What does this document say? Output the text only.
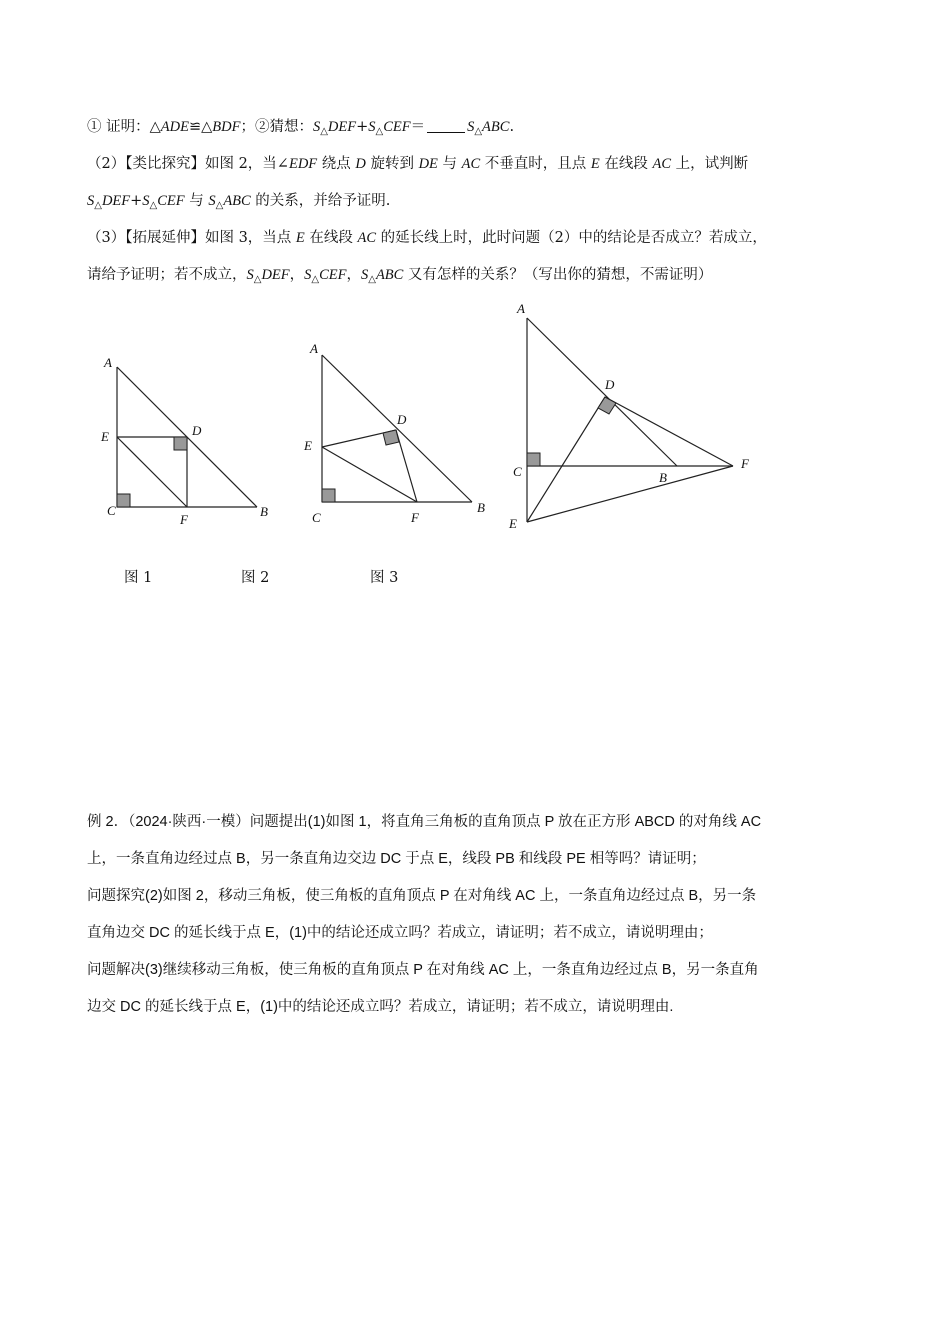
① 证明：△ADE≌△BDF；②猜想：$S_\triangle DEF+S_\triangle CEF=$	$S_\triangle ABC$.
（2）【类比探究】如图 2，当∠EDF 绕点 D 旋转到 DE 与 AC 不垂直时，且点 E 在线段 AC 上，试判断
$S_\triangle DEF+S_\triangle CEF$ 与 $S_\triangle ABC$ 的关系，并给予证明.
（3）【拓展延伸】如图 3，当点 E 在线段 AC 的延长线上时，此时问题（2）中的结论是否成立？若成立，
请给予证明；若不成立，$S_\triangle DEF$，$S_\triangle CEF$，$S_\triangle ABC$ 又有怎样的关系？（写出你的猜想，不需证明）
A
E	D
C
F
B
A
D
E
C	F
B
A
D
C	B
F
E
图 1	图 2	图 3
例 2．（2024·陕西·一模）问题提出(1)如图 1，将直角三角板的直角顶点 P 放在正方形 ABCD 的对角线 AC
上，一条直角边经过点 B，另一条直角边交边 DC 于点 E，线段 PB 和线段 PE 相等吗？请证明；
问题探究(2)如图 2，移动三角板，使三角板的直角顶点 P 在对角线 AC 上，一条直角边经过点 B，另一条
直角边交 DC 的延长线于点 E，(1)中的结论还成立吗？若成立，请证明；若不成立，请说明理由；
问题解决(3)继续移动三角板，使三角板的直角顶点 P 在对角线 AC 上，一条直角边经过点 B，另一条直角
边交 DC 的延长线于点 E，(1)中的结论还成立吗？若成立，请证明；若不成立，请说明理由.
